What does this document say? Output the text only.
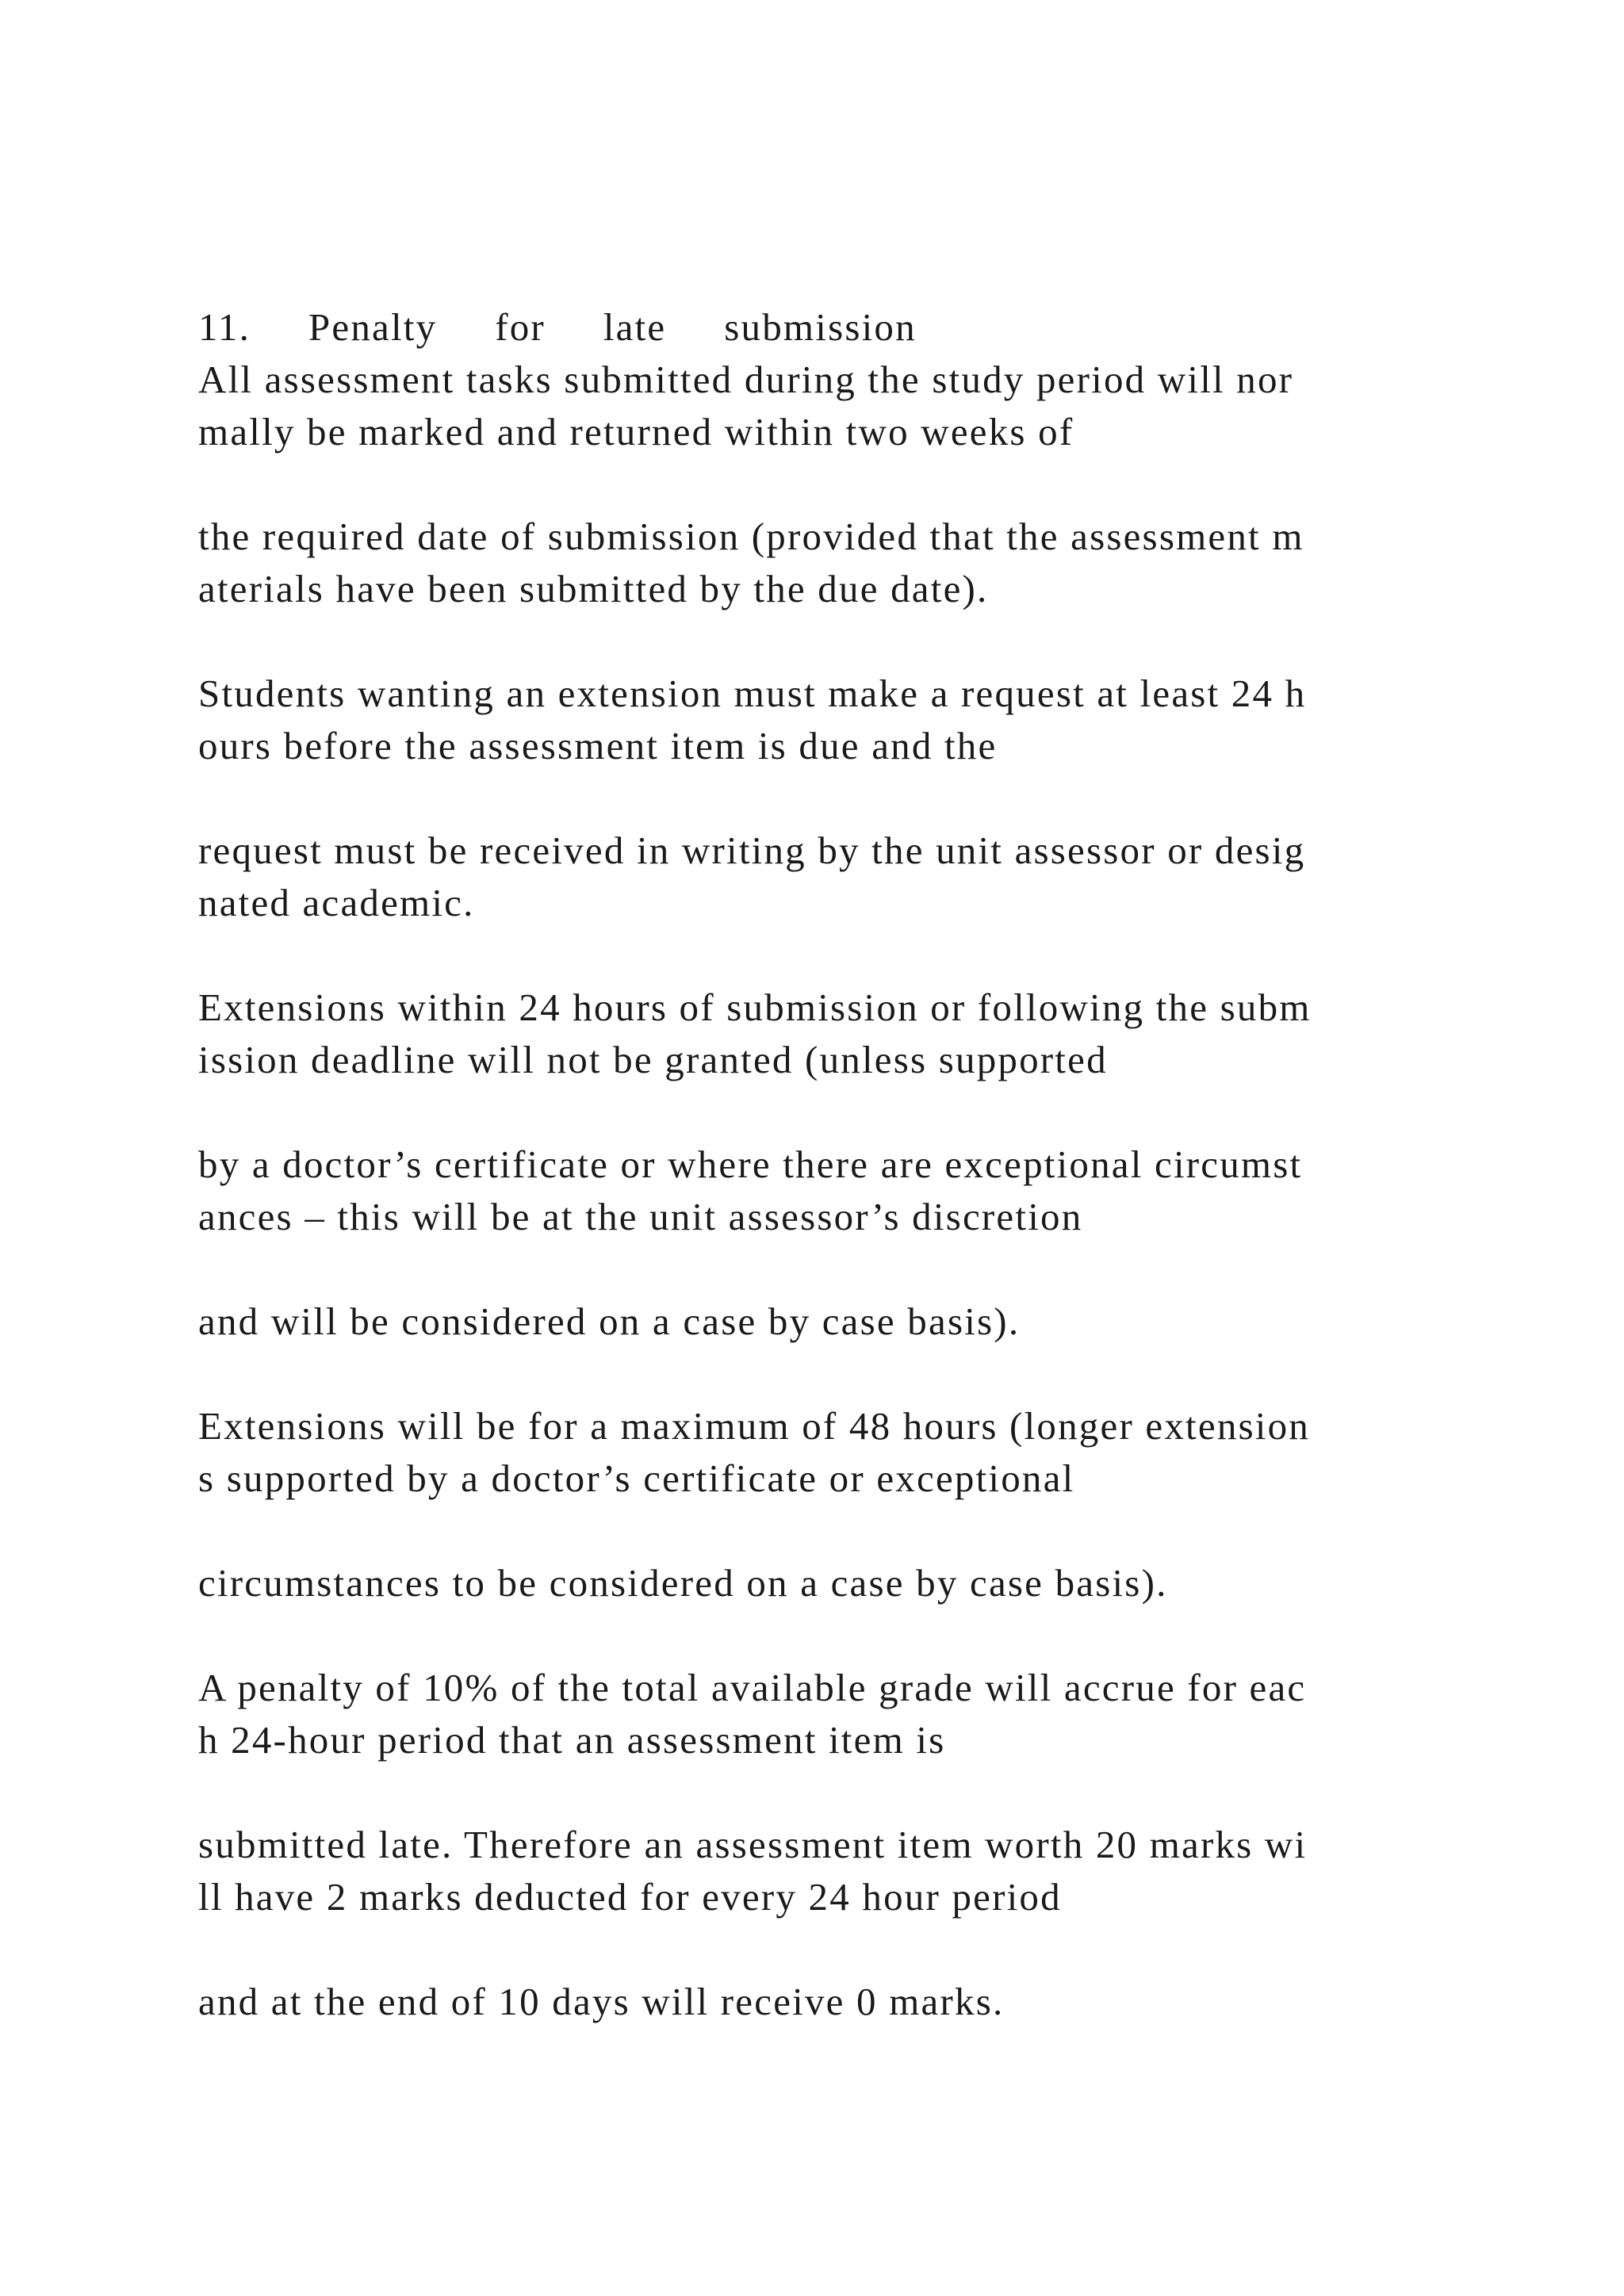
11.  Penalty  for  late  submission
All assessment tasks submitted during the study period will nor
mally be marked and returned within two weeks of
the required date of submission (provided that the assessment m
aterials have been submitted by the due date).
Students wanting an extension must make a request at least 24 h
ours before the assessment item is due and the
request must be received in writing by the unit assessor or desig
nated academic.
Extensions within 24 hours of submission or following the subm
ission deadline will not be granted (unless supported
by a doctor’s certificate or where there are exceptional circumst
ances – this will be at the unit assessor’s discretion
and will be considered on a case by case basis).
Extensions will be for a maximum of 48 hours (longer extension
s supported by a doctor’s certificate or exceptional
circumstances to be considered on a case by case basis).
A penalty of 10% of the total available grade will accrue for eac
h 24-hour period that an assessment item is
submitted late. Therefore an assessment item worth 20 marks wi
ll have 2 marks deducted for every 24 hour period
and at the end of 10 days will receive 0 marks.
